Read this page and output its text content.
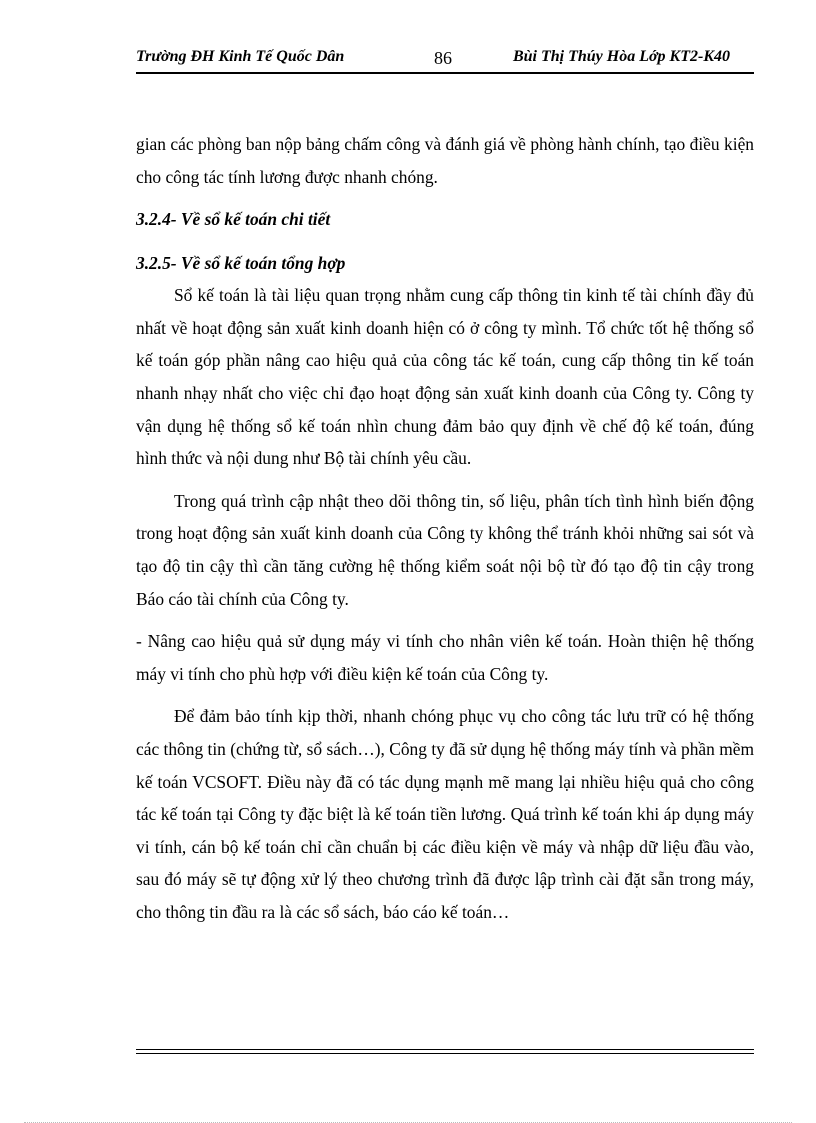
Trường ĐH Kinh Tế Quốc Dân	86	Bùi Thị Thúy Hòa Lớp KT2-K40

gian các phòng ban nộp bảng chấm công và đánh giá về phòng hành chính, tạo điều kiện cho công tác tính lương được nhanh chóng.

3.2.4- Về sổ kế toán chi tiết
3.2.5- Về sổ kế toán tổng hợp

Sổ kế toán là tài liệu quan trọng nhằm cung cấp thông tin kinh tế tài chính đầy đủ nhất về hoạt động sản xuất kinh doanh hiện có ở công ty mình. Tổ chức tốt hệ thống sổ kế toán góp phần nâng cao hiệu quả của công tác kế toán, cung cấp thông tin kế toán nhanh nhạy nhất cho việc chỉ đạo hoạt động sản xuất kinh doanh của Công ty. Công ty vận dụng hệ thống sổ kế toán nhìn chung đảm bảo quy định về chế độ kế toán, đúng hình thức và nội dung như Bộ tài chính yêu cầu.

Trong quá trình cập nhật theo dõi thông tin, số liệu, phân tích tình hình biến động trong hoạt động sản xuất kinh doanh của Công ty không thể tránh khỏi những sai sót và tạo độ tin cậy thì cần tăng cường hệ thống kiểm soát nội bộ từ đó tạo độ tin cậy trong Báo cáo tài chính của Công ty.

- Nâng cao hiệu quả sử dụng máy vi tính cho nhân viên kế toán. Hoàn thiện hệ thống máy vi tính cho phù hợp với điều kiện kế toán của Công ty.

Để đảm bảo tính kịp thời, nhanh chóng phục vụ cho công tác lưu trữ có hệ thống các thông tin (chứng từ, sổ sách…), Công ty đã sử dụng hệ thống máy tính và phần mềm kế toán VCSOFT. Điều này đã có tác dụng mạnh mẽ mang lại nhiều hiệu quả cho công tác kế toán tại Công ty đặc biệt là kế toán tiền lương. Quá trình kế toán khi áp dụng máy vi tính, cán bộ kế toán chỉ cần chuẩn bị các điều kiện về máy và nhập dữ liệu đầu vào, sau đó máy sẽ tự động xử lý theo chương trình đã được lập trình cài đặt sẵn trong máy, cho thông tin đầu ra là các sổ sách, báo cáo kế toán…
